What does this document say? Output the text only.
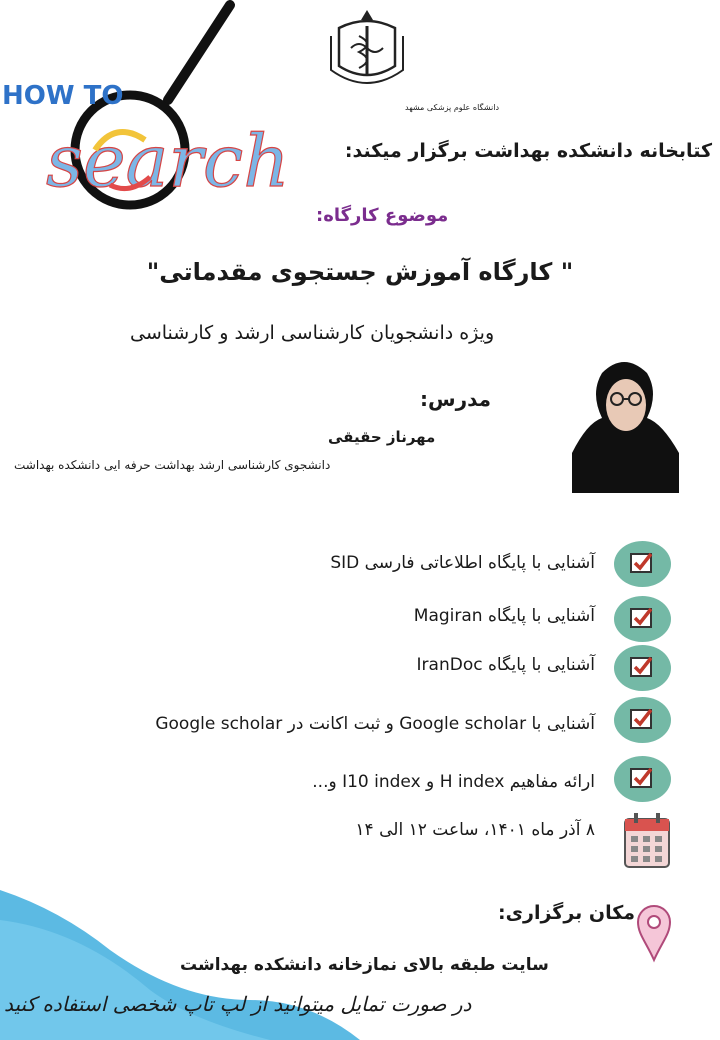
HOW TO
search
دانشگاه علوم پزشکی مشهد
کتابخانه دانشکده بهداشت برگزار میکند:
موضوع کارگاه:
" کارگاه آموزش جستجوی مقدماتی"
ویژه دانشجویان کارشناسی ارشد و کارشناسی
مدرس:
مهرناز حقیقی
دانشجوی کارشناسی ارشد بهداشت حرفه ایی دانشکده بهداشت
آشنایی با پایگاه اطلاعاتی فارسی SID
آشنایی با پایگاه Magiran
آشنایی با پایگاه IranDoc
آشنایی با Google scholar و ثبت اکانت در Google scholar
ارائه مفاهیم H index و I10 index و...
۸ آذر ماه ۱۴۰۱، ساعت ۱۲ الی ۱۴
مکان برگزاری:
سایت طبقه بالای نمازخانه دانشکده بهداشت
در صورت تمایل میتوانید از لپ تاپ شخصی استفاده کنید
